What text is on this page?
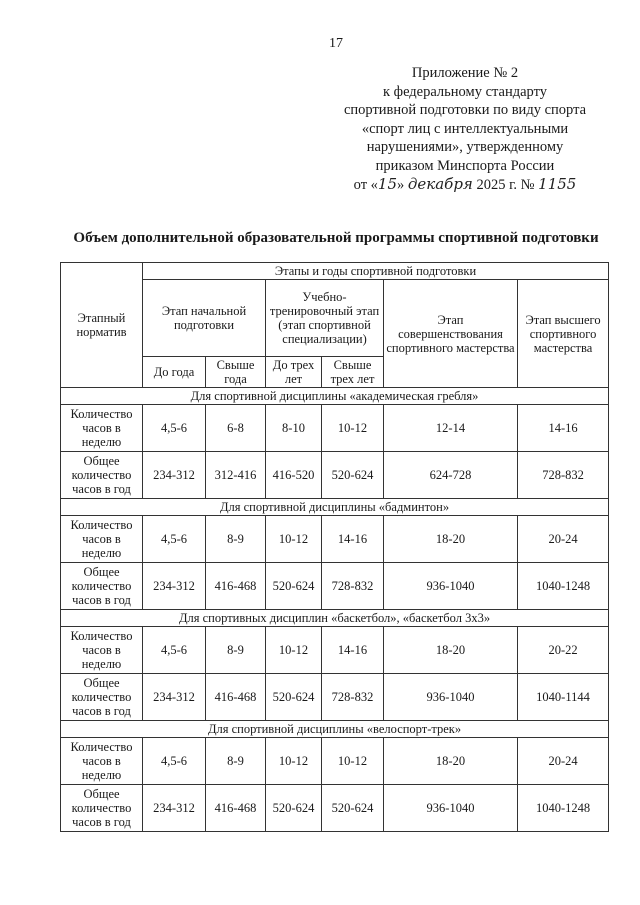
17
Приложение № 2
к федеральному стандарту
спортивной подготовки по виду спорта
«спорт лиц с интеллектуальными
нарушениями», утвержденному
приказом Минспорта России
от «15» декабря 2025 г. № 1155
Объем дополнительной образовательной программы спортивной подготовки
Этапный норматив	Этапы и годы спортивной подготовки					
	Этап начальной подготовки		Учебно-тренировочный этап (этап спортивной специализации)		Этап совершенствования спортивного мастерства	Этап высшего спортивного мастерства
	До года	Свыше года	До трех лет	Свыше трех лет		
Для спортивной дисциплины «академическая гребля»						
Количество часов в неделю	4,5-6	6-8	8-10	10-12	12-14	14-16
Общее количество часов в год	234-312	312-416	416-520	520-624	624-728	728-832
Для спортивной дисциплины «бадминтон»						
Количество часов в неделю	4,5-6	8-9	10-12	14-16	18-20	20-24
Общее количество часов в год	234-312	416-468	520-624	728-832	936-1040	1040-1248
Для спортивных дисциплин «баскетбол», «баскетбол 3х3»						
Количество часов в неделю	4,5-6	8-9	10-12	14-16	18-20	20-22
Общее количество часов в год	234-312	416-468	520-624	728-832	936-1040	1040-1144
Для спортивной дисциплины «велоспорт-трек»						
Количество часов в неделю	4,5-6	8-9	10-12	10-12	18-20	20-24
Общее количество часов в год	234-312	416-468	520-624	520-624	936-1040	1040-1248
